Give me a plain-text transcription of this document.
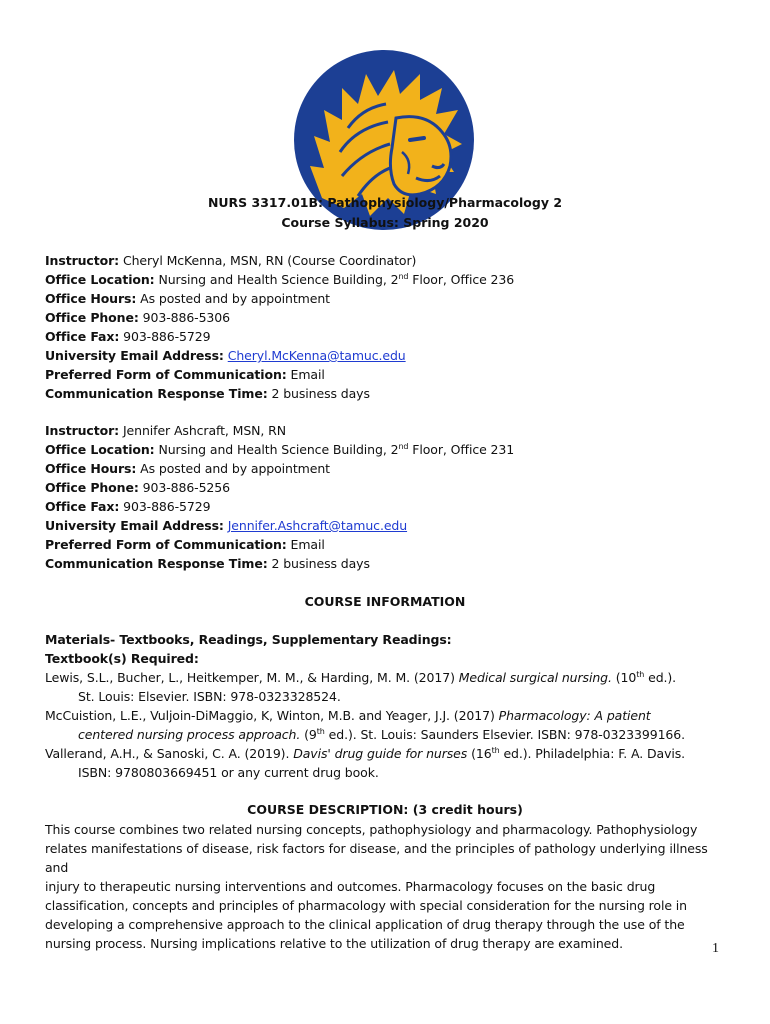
NURS 3317.01B: Pathophysiology/Pharmacology 2
Course Syllabus: Spring 2020
Instructor: Cheryl McKenna, MSN, RN (Course Coordinator)
Office Location: Nursing and Health Science Building, 2nd Floor, Office 236
Office Hours: As posted and by appointment
Office Phone: 903-886-5306
Office Fax: 903-886-5729
University Email Address: Cheryl.McKenna@tamuc.edu
Preferred Form of Communication: Email
Communication Response Time: 2 business days
Instructor: Jennifer Ashcraft, MSN, RN
Office Location: Nursing and Health Science Building, 2nd Floor, Office 231
Office Hours: As posted and by appointment
Office Phone: 903-886-5256
Office Fax: 903-886-5729
University Email Address: Jennifer.Ashcraft@tamuc.edu
Preferred Form of Communication: Email
Communication Response Time: 2 business days
COURSE INFORMATION
Materials- Textbooks, Readings, Supplementary Readings:
Textbook(s) Required:
Lewis, S.L., Bucher, L., Heitkemper, M. M., & Harding, M. M. (2017) Medical surgical nursing. (10th ed.).
St. Louis: Elsevier. ISBN: 978-0323328524.
McCuistion, L.E., Vuljoin-DiMaggio, K, Winton, M.B. and Yeager, J.J. (2017) Pharmacology: A patient
centered nursing process approach. (9th ed.). St. Louis: Saunders Elsevier. ISBN: 978-0323399166.
Vallerand, A.H., & Sanoski, C. A. (2019). Davis' drug guide for nurses (16th ed.). Philadelphia: F. A. Davis.
ISBN: 9780803669451 or any current drug book.
COURSE DESCRIPTION: (3 credit hours)
This course combines two related nursing concepts, pathophysiology and pharmacology. Pathophysiology
relates manifestations of disease, risk factors for disease, and the principles of pathology underlying illness and
injury to therapeutic nursing interventions and outcomes. Pharmacology focuses on the basic drug
classification, concepts and principles of pharmacology with special consideration for the nursing role in
developing a comprehensive approach to the clinical application of drug therapy through the use of the
nursing process. Nursing implications relative to the utilization of drug therapy are examined.	1
